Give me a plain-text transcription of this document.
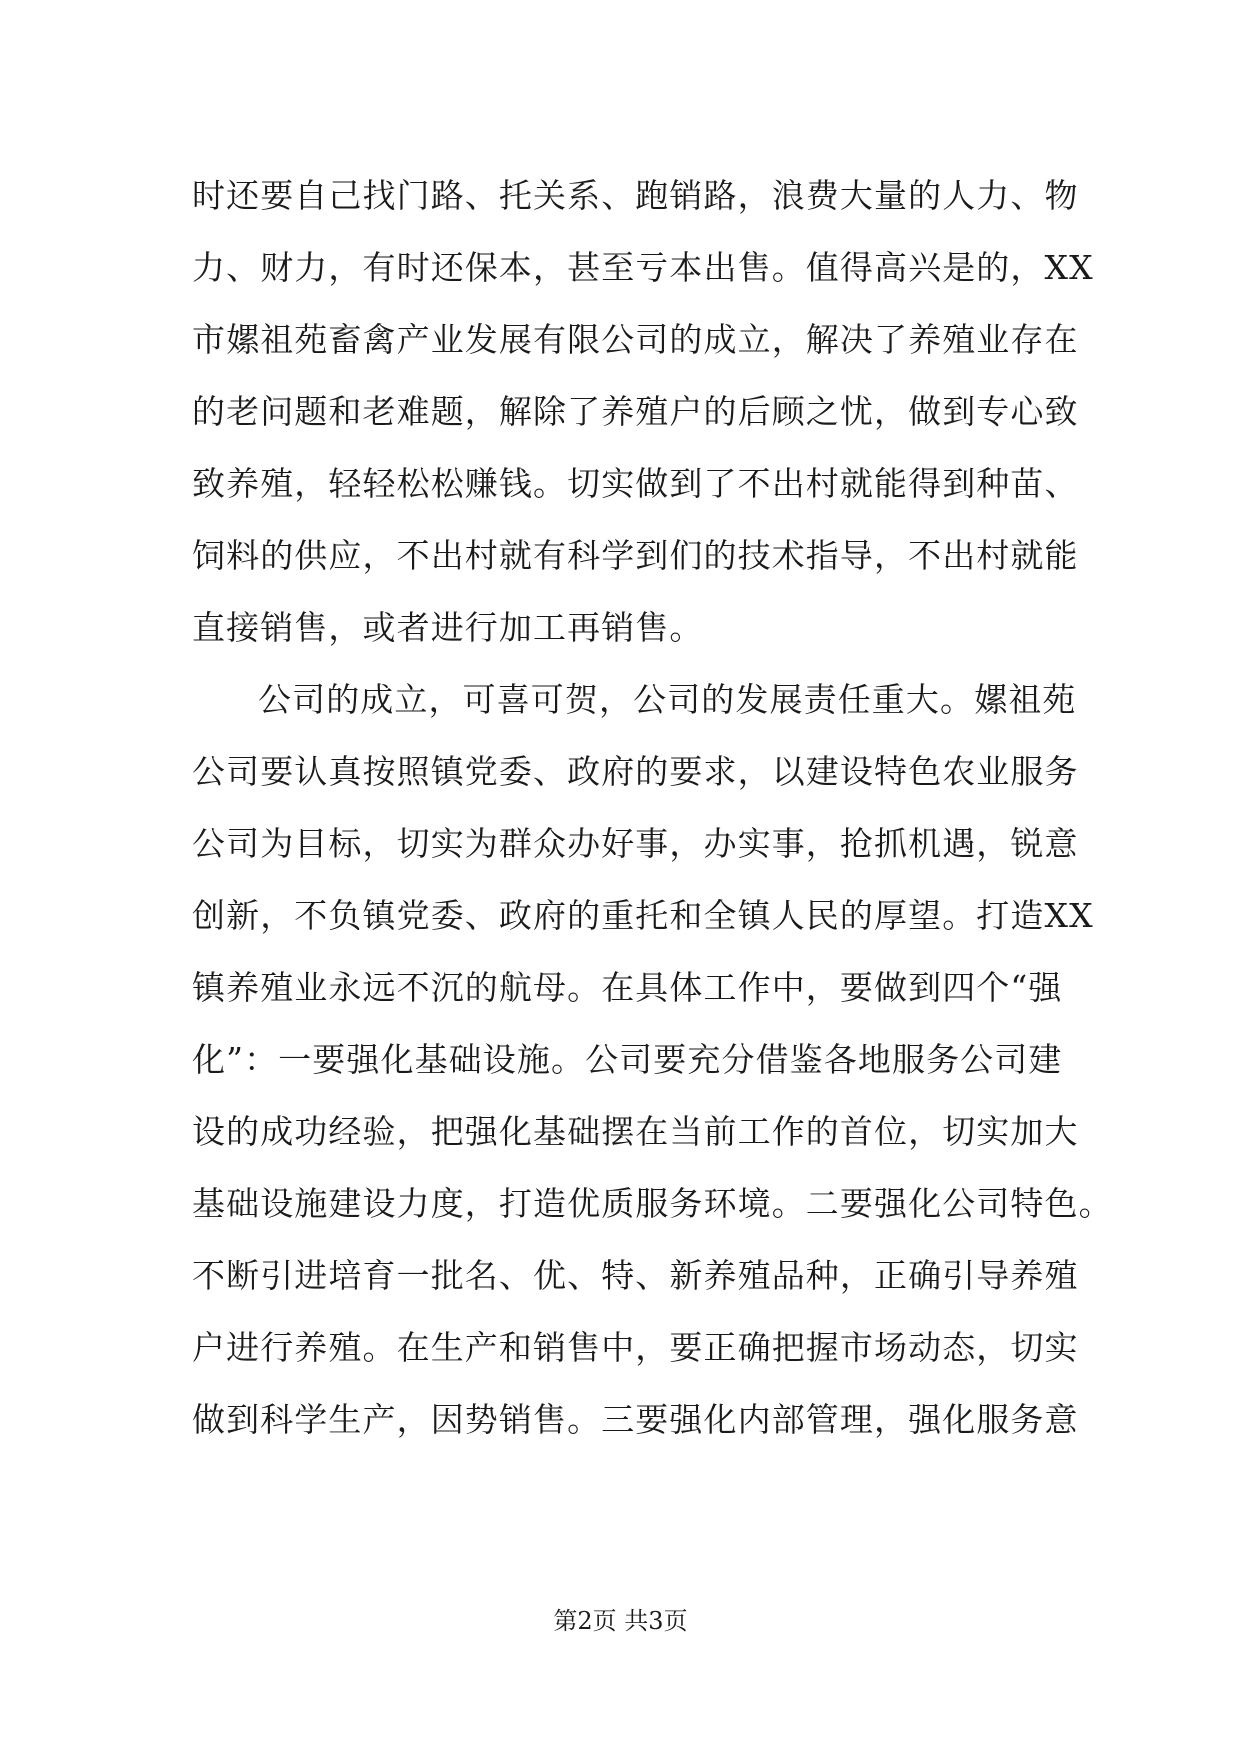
时还要自己找门路、托关系、跑销路，浪费大量的人力、物
力、财力，有时还保本，甚至亏本出售。值得高兴是的，XX
市嫘祖苑畜禽产业发展有限公司的成立，解决了养殖业存在
的老问题和老难题，解除了养殖户的后顾之忧，做到专心致
致养殖，轻轻松松赚钱。切实做到了不出村就能得到种苗、
饲料的供应，不出村就有科学到们的技术指导，不出村就能
直接销售，或者进行加工再销售。
公司的成立，可喜可贺，公司的发展责任重大。嫘祖苑
公司要认真按照镇党委、政府的要求，以建设特色农业服务
公司为目标，切实为群众办好事，办实事，抢抓机遇，锐意
创新，不负镇党委、政府的重托和全镇人民的厚望。打造XX
镇养殖业永远不沉的航母。在具体工作中，要做到四个“强
化”：一要强化基础设施。公司要充分借鉴各地服务公司建
设的成功经验，把强化基础摆在当前工作的首位，切实加大
基础设施建设力度，打造优质服务环境。二要强化公司特色。
不断引进培育一批名、优、特、新养殖品种，正确引导养殖
户进行养殖。在生产和销售中，要正确把握市场动态，切实
做到科学生产，因势销售。三要强化内部管理，强化服务意
第2页 共3页
